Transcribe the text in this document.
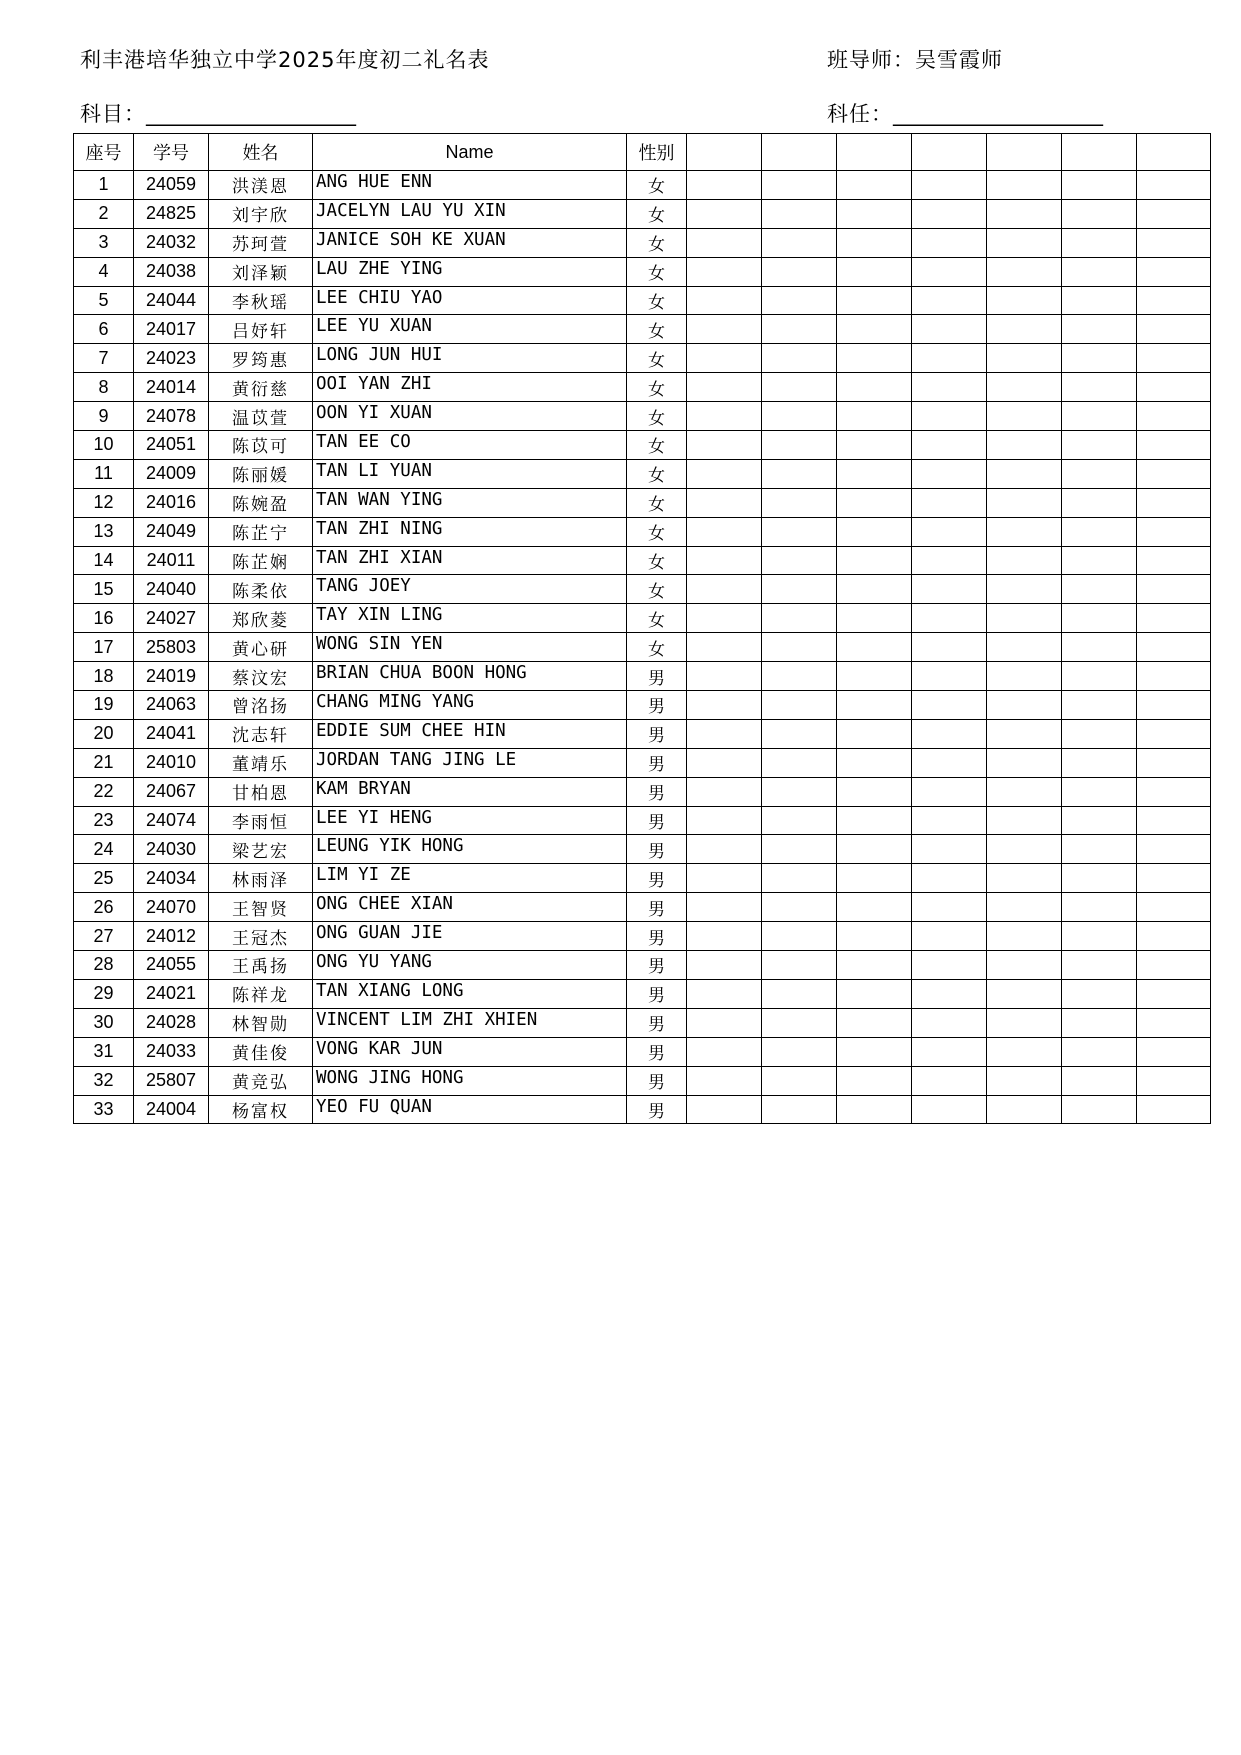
利丰港培华独立中学2025年度初二礼名表	班导师：吴雪霞师
科目：____________________	科任：____________________
座号	学号	姓名	Name	性别							
1	24059	洪渼恩	ANG HUE ENN	女							
2	24825	刘宇欣	JACELYN LAU YU XIN	女							
3	24032	苏珂萱	JANICE SOH KE XUAN	女							
4	24038	刘泽颖	LAU ZHE YING	女							
5	24044	李秋瑶	LEE CHIU YAO	女							
6	24017	吕妤轩	LEE YU XUAN	女							
7	24023	罗筠惠	LONG JUN HUI	女							
8	24014	黄衍慈	OOI YAN ZHI	女							
9	24078	温苡萱	OON YI XUAN	女							
10	24051	陈苡可	TAN EE CO	女							
11	24009	陈丽媛	TAN LI YUAN	女							
12	24016	陈婉盈	TAN WAN YING	女							
13	24049	陈芷宁	TAN ZHI NING	女							
14	24011	陈芷娴	TAN ZHI XIAN	女							
15	24040	陈柔依	TANG JOEY	女							
16	24027	郑欣菱	TAY XIN LING	女							
17	25803	黄心研	WONG SIN YEN	女							
18	24019	蔡汶宏	BRIAN CHUA BOON HONG	男							
19	24063	曾洺扬	CHANG MING YANG	男							
20	24041	沈志轩	EDDIE SUM CHEE HIN	男							
21	24010	董靖乐	JORDAN TANG JING LE	男							
22	24067	甘柏恩	KAM BRYAN	男							
23	24074	李雨恒	LEE YI HENG	男							
24	24030	梁艺宏	LEUNG YIK HONG	男							
25	24034	林雨泽	LIM YI ZE	男							
26	24070	王智贤	ONG CHEE XIAN	男							
27	24012	王冠杰	ONG GUAN JIE	男							
28	24055	王禹扬	ONG YU YANG	男							
29	24021	陈祥龙	TAN XIANG LONG	男							
30	24028	林智勋	VINCENT LIM ZHI XHIEN	男							
31	24033	黄佳俊	VONG KAR JUN	男							
32	25807	黄竞弘	WONG JING HONG	男							
33	24004	杨富权	YEO FU QUAN	男							
